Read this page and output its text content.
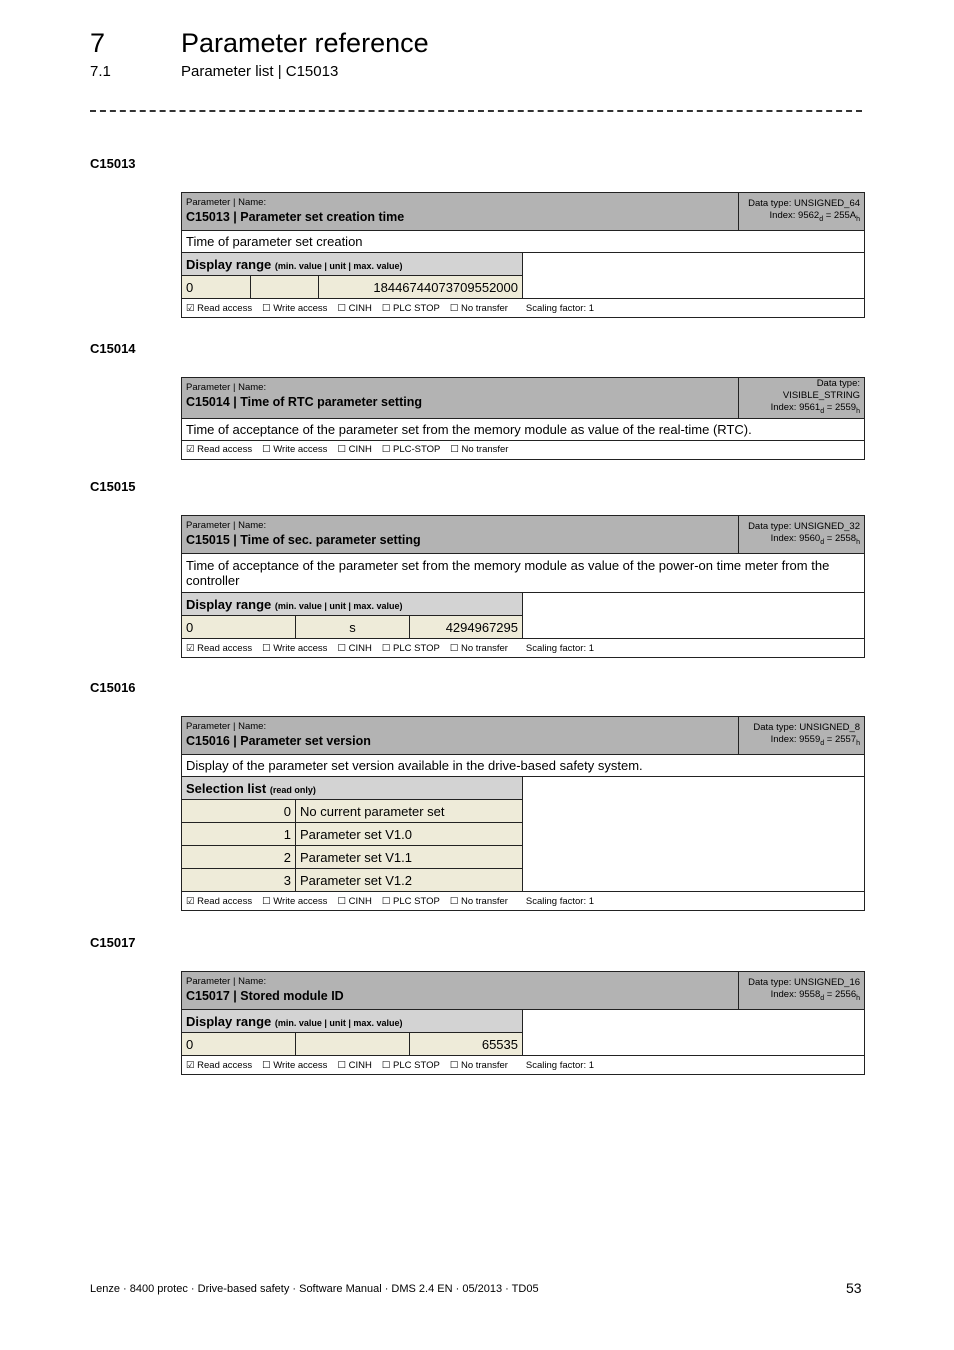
7	Parameter reference
7.1	Parameter list | C15013
C15013
Parameter | Name:
C15013 | Parameter set creation time				Data type: UNSIGNED_64
Index: $9562_d = 255A_h$
Time of parameter set creation				
Display range (min. value | unit | max. value)				
0		18446744073709552000		
☑ Read access ☐ Write access ☐ CINH ☐ PLC STOP ☐ No transfer Scaling factor: 1				
C15014
Parameter | Name:
C15014 | Time of RTC parameter setting
	Data type: VISIBLE_STRING
Index: $9561_d = 2559_h$
Time of acceptance of the parameter set from the memory module as value of the real-time (RTC).
☑ Read access ☐ Write access ☐ CINH ☐ PLC-STOP ☐ No transfer
C15015
Parameter | Name:
C15015 | Time of sec. parameter setting				Data type: UNSIGNED_32
Index: $9560_d = 2558_h$
Time of acceptance of the parameter set from the memory module as value of the power-on time meter from the controller				
Display range (min. value | unit | max. value)				
0	s	4294967295		
☑ Read access ☐ Write access ☐ CINH ☐ PLC STOP ☐ No transfer Scaling factor: 1				
C15016
Parameter | Name:
C15016 | Parameter set version			Data type: UNSIGNED_8
Index: $9559_d = 2557_h$
Display of the parameter set version available in the drive-based safety system.			
Selection list (read only)			
0	No current parameter set		
1	Parameter set V1.0		
2	Parameter set V1.1		
3	Parameter set V1.2		
☑ Read access ☐ Write access ☐ CINH ☐ PLC STOP ☐ No transfer Scaling factor: 1			
C15017
Parameter | Name:
C15017 | Stored module ID				Data type: UNSIGNED_16
Index: $9558_d = 2556_h$
Display range (min. value | unit | max. value)				
0		65535		
☑ Read access ☐ Write access ☐ CINH ☐ PLC STOP ☐ No transfer Scaling factor: 1				
Lenze · 8400 protec · Drive-based safety · Software Manual · DMS 2.4 EN · 05/2013 · TD05	53
